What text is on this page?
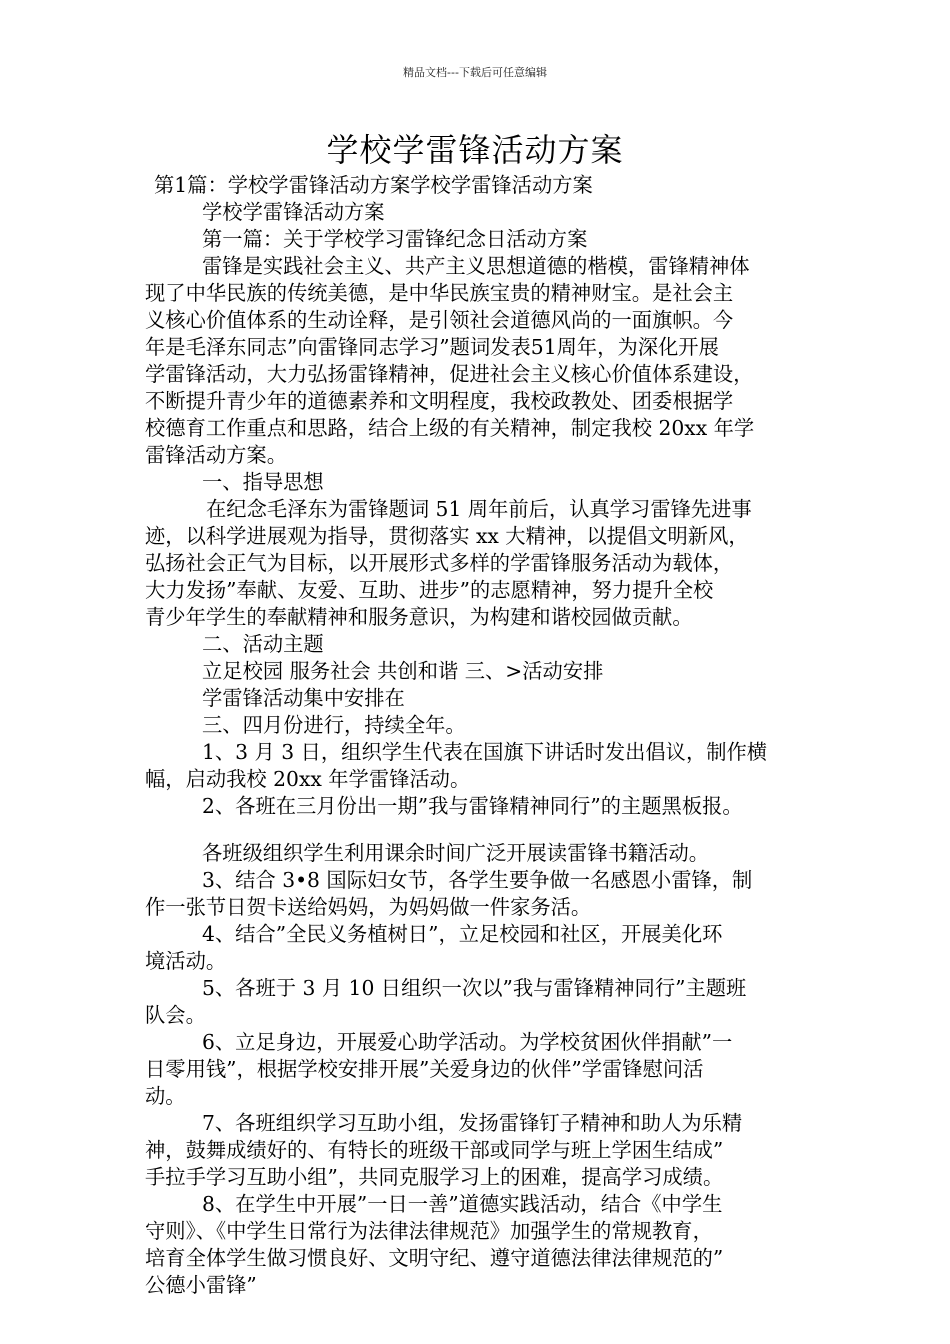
精品文档---下载后可任意编辑
学校学雷锋活动方案

第1篇：学校学雷锋活动方案学校学雷锋活动方案

学校学雷锋活动方案

第一篇：关于学校学习雷锋纪念日活动方案

雷锋是实践社会主义、共产主义思想道德的楷模，雷锋精神体

现了中华民族的传统美德，是中华民族宝贵的精神财宝。是社会主

义核心价值体系的生动诠释，是引领社会道德风尚的一面旗帜。今

年是毛泽东同志”向雷锋同志学习”题词发表51周年，为深化开展

学雷锋活动，大力弘扬雷锋精神，促进社会主义核心价值体系建设，

不断提升青少年的道德素养和文明程度，我校政教处、团委根据学

校德育工作重点和思路，结合上级的有关精神，制定我校 20xx 年学

雷锋活动方案。

一、指导思想

在纪念毛泽东为雷锋题词 51 周年前后，认真学习雷锋先进事

迹，以科学进展观为指导，贯彻落实 xx 大精神，以提倡文明新风，

弘扬社会正气为目标，以开展形式多样的学雷锋服务活动为载体，

大力发扬”奉献、友爱、互助、进步”的志愿精神，努力提升全校

青少年学生的奉献精神和服务意识，为构建和谐校园做贡献。

二、活动主题

立足校园 服务社会 共创和谐 三、>活动安排

学雷锋活动集中安排在

三、四月份进行，持续全年。

1、3 月 3 日，组织学生代表在国旗下讲话时发出倡议，制作横

幅，启动我校 20xx 年学雷锋活动。

2、各班在三月份出一期”我与雷锋精神同行”的主题黑板报。

各班级组织学生利用课余时间广泛开展读雷锋书籍活动。

3、结合 3•8 国际妇女节，各学生要争做一名感恩小雷锋，制

作一张节日贺卡送给妈妈，为妈妈做一件家务活。

4、结合”全民义务植树日”，立足校园和社区，开展美化环

境活动。

5、各班于 3 月 10 日组织一次以”我与雷锋精神同行”主题班

队会。

6、立足身边，开展爱心助学活动。为学校贫困伙伴捐献”一

日零用钱”，根据学校安排开展”关爱身边的伙伴”学雷锋慰问活

动。

7、各班组织学习互助小组，发扬雷锋钉子精神和助人为乐精

神，鼓舞成绩好的、有特长的班级干部或同学与班上学困生结成”

手拉手学习互助小组”，共同克服学习上的困难，提高学习成绩。

8、在学生中开展”一日一善”道德实践活动，结合《中学生

守则》、《中学生日常行为法律法律规范》加强学生的常规教育，

培育全体学生做习惯良好、文明守纪、遵守道德法律法律规范的”

公德小雷锋”
